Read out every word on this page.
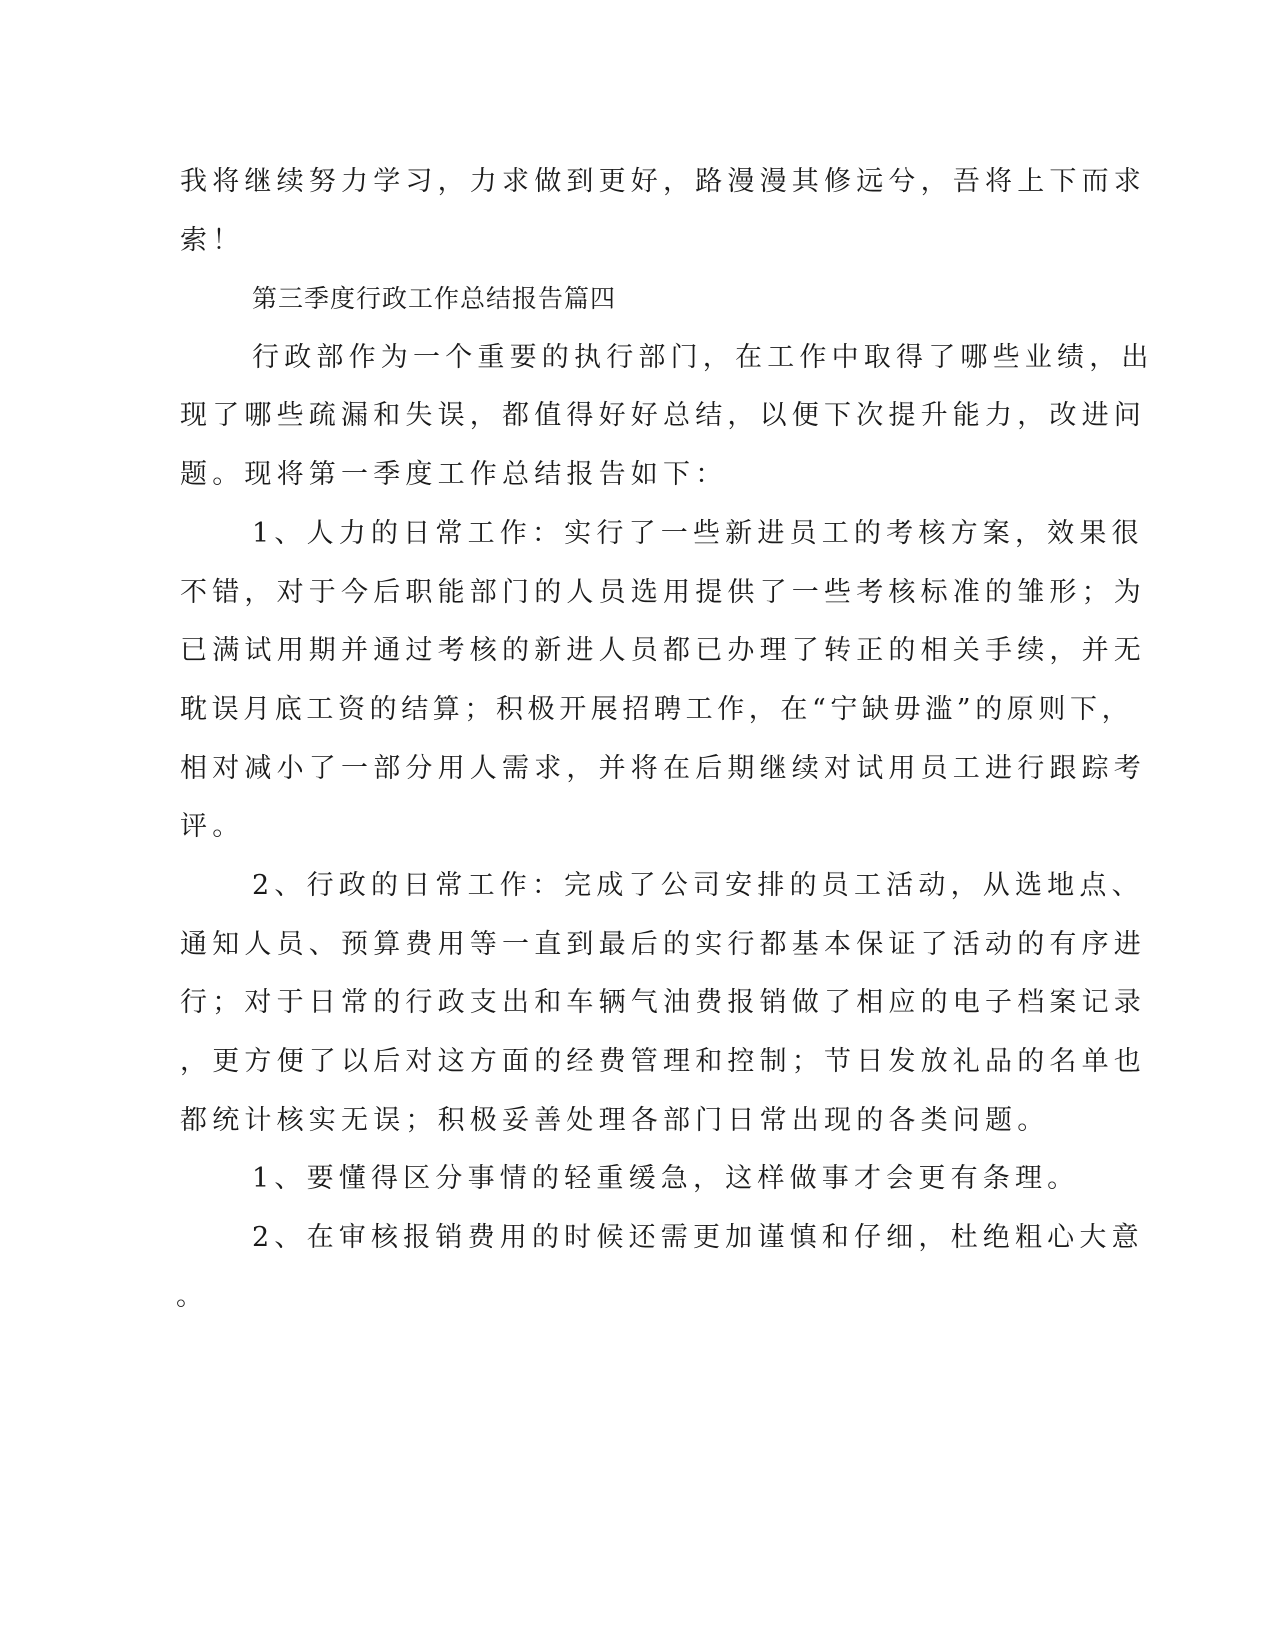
我将继续努力学习，力求做到更好，路漫漫其修远兮，吾将上下而求
索！
第三季度行政工作总结报告篇四
行政部作为一个重要的执行部门，在工作中取得了哪些业绩，出
现了哪些疏漏和失误，都值得好好总结，以便下次提升能力，改进问
题。现将第一季度工作总结报告如下：
1、人力的日常工作：实行了一些新进员工的考核方案，效果很
不错，对于今后职能部门的人员选用提供了一些考核标准的雏形；为
已满试用期并通过考核的新进人员都已办理了转正的相关手续，并无
耽误月底工资的结算；积极开展招聘工作，在“宁缺毋滥”的原则下，
相对减小了一部分用人需求，并将在后期继续对试用员工进行跟踪考
评。
2、行政的日常工作：完成了公司安排的员工活动，从选地点、
通知人员、预算费用等一直到最后的实行都基本保证了活动的有序进
行；对于日常的行政支出和车辆气油费报销做了相应的电子档案记录
，更方便了以后对这方面的经费管理和控制；节日发放礼品的名单也
都统计核实无误；积极妥善处理各部门日常出现的各类问题。
1、要懂得区分事情的轻重缓急，这样做事才会更有条理。
2、在审核报销费用的时候还需更加谨慎和仔细，杜绝粗心大意
。
